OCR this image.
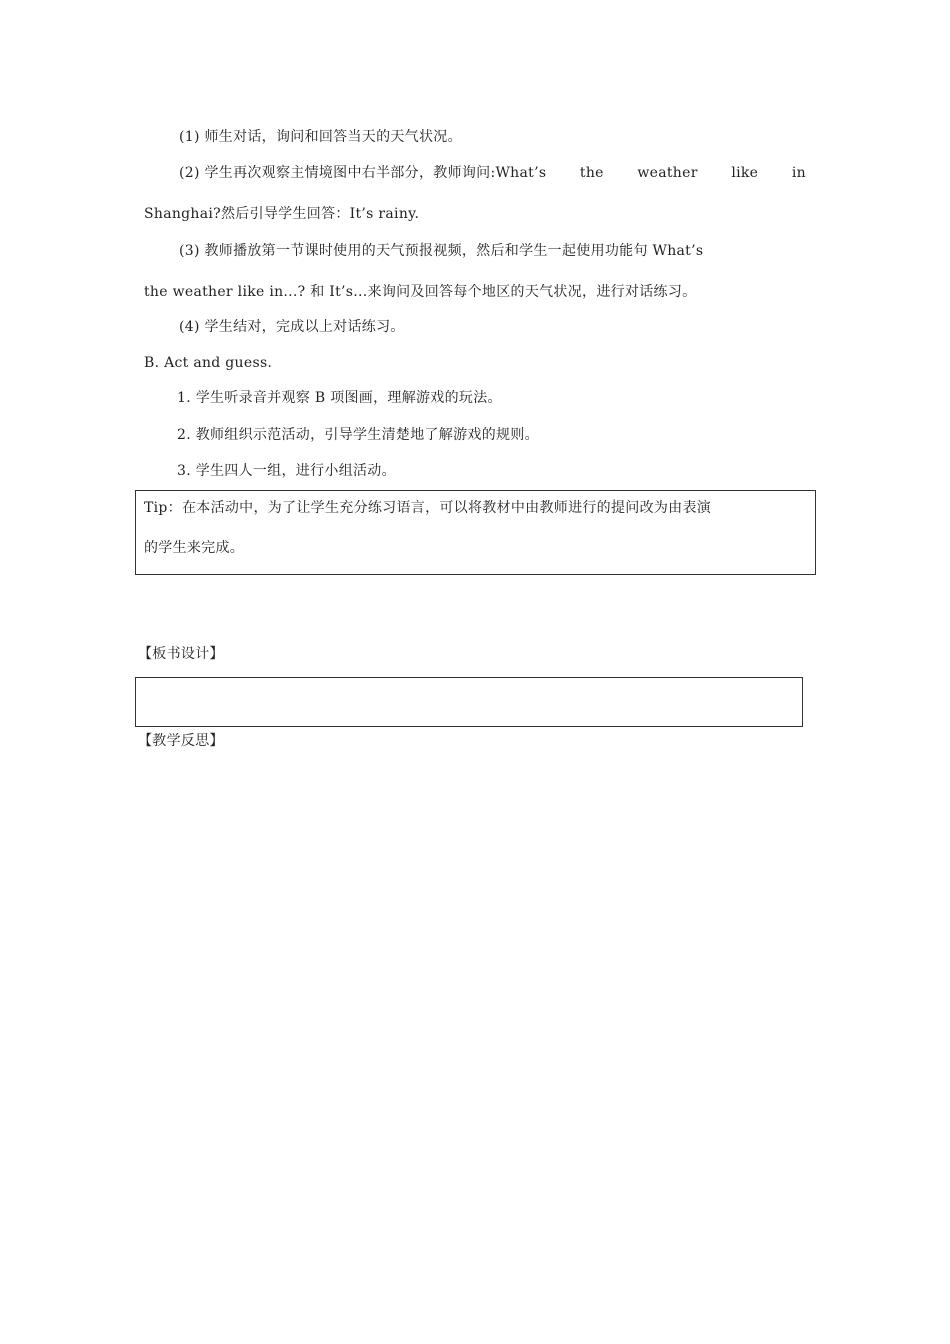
(1) 师生对话，询问和回答当天的天气状况。
(2) 学生再次观察主情境图中右半部分，教师询问:What’s the weather like in
Shanghai?然后引导学生回答：It’s rainy.
(3) 教师播放第一节课时使用的天气预报视频，然后和学生一起使用功能句 What’s
the weather like in...? 和 It’s...来询问及回答每个地区的天气状况，进行对话练习。
(4) 学生结对，完成以上对话练习。
B. Act and guess.
1. 学生听录音并观察 B 项图画，理解游戏的玩法。
2. 教师组织示范活动，引导学生清楚地了解游戏的规则。
3. 学生四人一组，进行小组活动。
Tip：在本活动中，为了让学生充分练习语言，可以将教材中由教师进行的提问改为由表演
的学生来完成。
【板书设计】
【教学反思】
